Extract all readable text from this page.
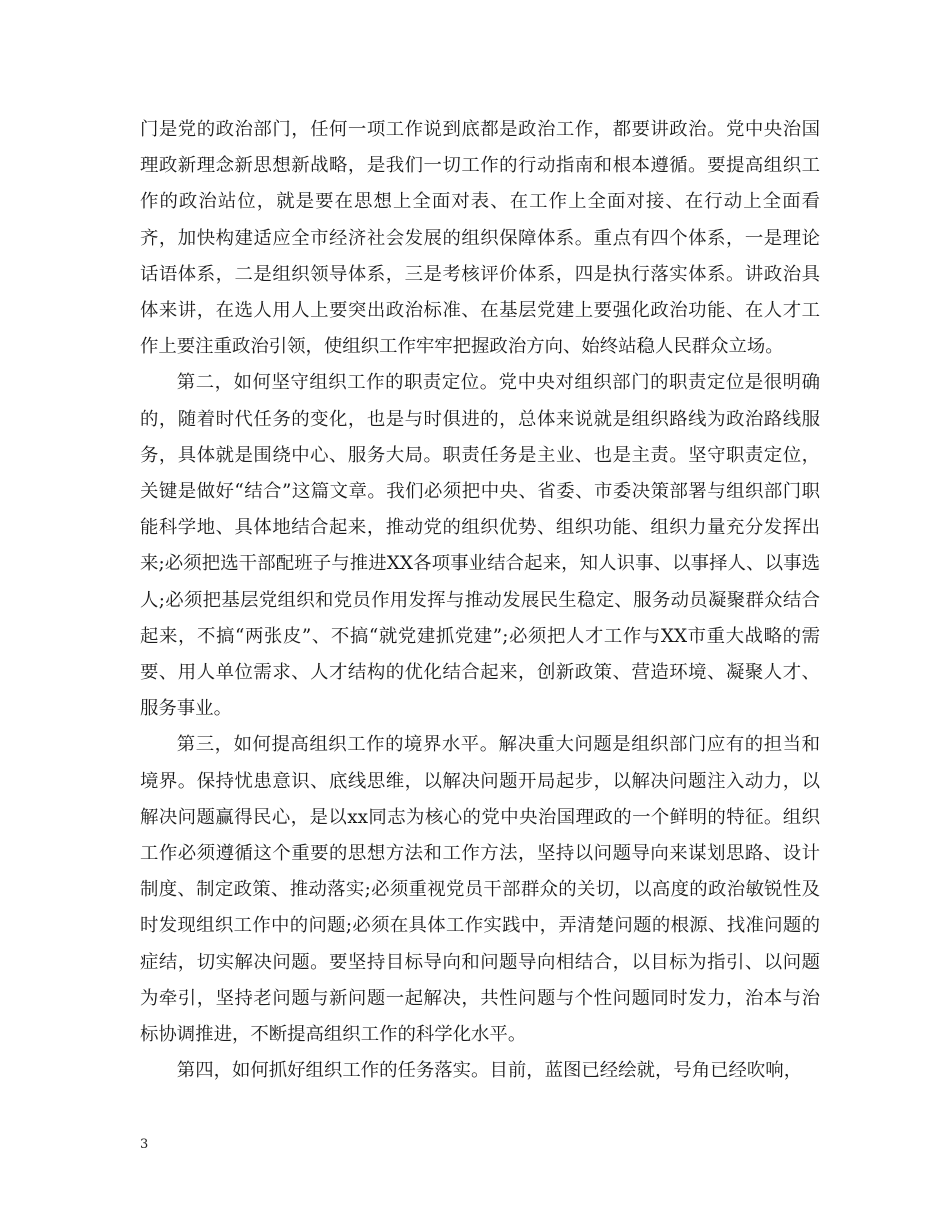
门是党的政治部门，任何一项工作说到底都是政治工作，都要讲政治。党中央治国理政新理念新思想新战略，是我们一切工作的行动指南和根本遵循。要提高组织工作的政治站位，就是要在思想上全面对表、在工作上全面对接、在行动上全面看齐，加快构建适应全市经济社会发展的组织保障体系。重点有四个体系，一是理论话语体系，二是组织领导体系，三是考核评价体系，四是执行落实体系。讲政治具体来讲，在选人用人上要突出政治标准、在基层党建上要强化政治功能、在人才工作上要注重政治引领，使组织工作牢牢把握政治方向、始终站稳人民群众立场。

第二，如何坚守组织工作的职责定位。党中央对组织部门的职责定位是很明确的，随着时代任务的变化，也是与时俱进的，总体来说就是组织路线为政治路线服务，具体就是围绕中心、服务大局。职责任务是主业、也是主责。坚守职责定位，关键是做好“结合”这篇文章。我们必须把中央、省委、市委决策部署与组织部门职能科学地、具体地结合起来，推动党的组织优势、组织功能、组织力量充分发挥出来;必须把选干部配班子与推进XX各项事业结合起来，知人识事、以事择人、以事选人;必须把基层党组织和党员作用发挥与推动发展民生稳定、服务动员凝聚群众结合起来，不搞“两张皮”、不搞“就党建抓党建”;必须把人才工作与XX市重大战略的需要、用人单位需求、人才结构的优化结合起来，创新政策、营造环境、凝聚人才、服务事业。

第三，如何提高组织工作的境界水平。解决重大问题是组织部门应有的担当和境界。保持忧患意识、底线思维，以解决问题开局起步，以解决问题注入动力，以解决问题赢得民心，是以xx同志为核心的党中央治国理政的一个鲜明的特征。组织工作必须遵循这个重要的思想方法和工作方法，坚持以问题导向来谋划思路、设计制度、制定政策、推动落实;必须重视党员干部群众的关切，以高度的政治敏锐性及时发现组织工作中的问题;必须在具体工作实践中，弄清楚问题的根源、找准问题的症结，切实解决问题。要坚持目标导向和问题导向相结合，以目标为指引、以问题为牵引，坚持老问题与新问题一起解决，共性问题与个性问题同时发力，治本与治标协调推进，不断提高组织工作的科学化水平。

第四，如何抓好组织工作的任务落实。目前，蓝图已经绘就，号角已经吹响，

3
